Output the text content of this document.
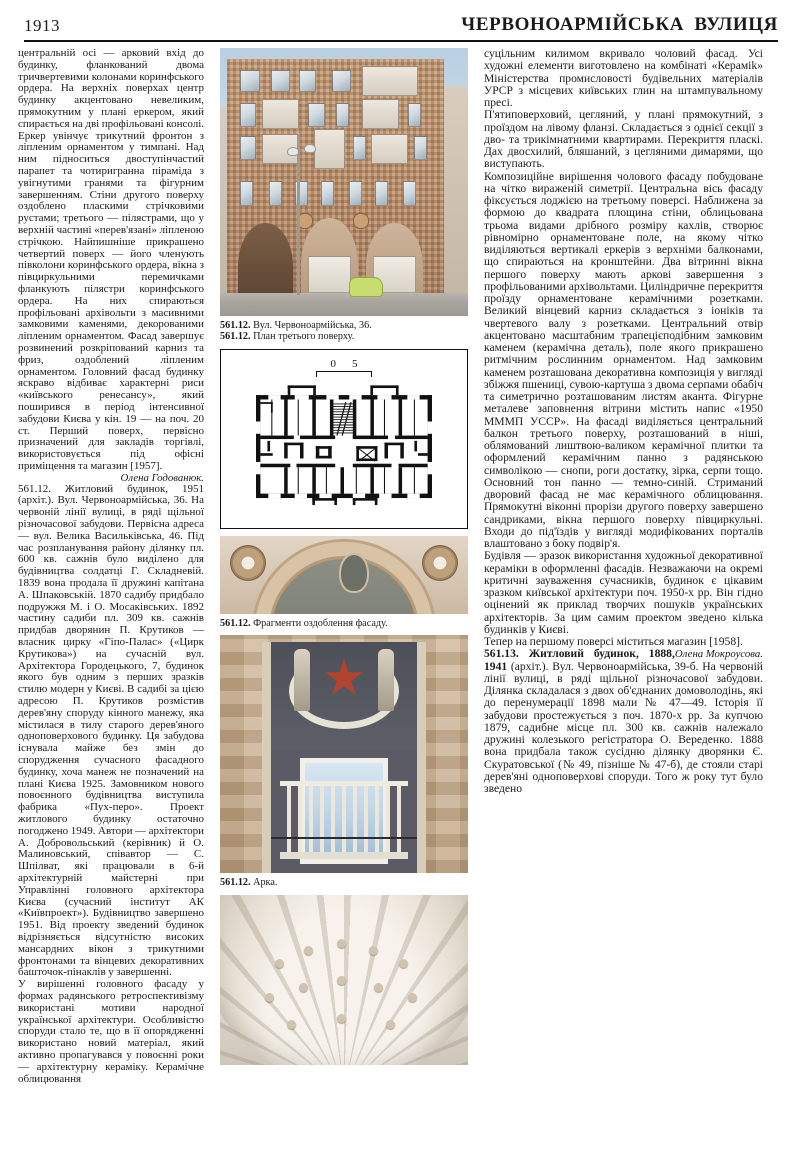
1913	ЧЕРВОНОАРМІЙСЬКА ВУЛИЦЯ

центральній осі — арковий вхід до будинку, фланкований двома тричвертевими колонами коринфського ордера. На верхніх поверхах центр будинку акцентовано невеликим, прямокутним у плані еркером, який спирається на дві профільовані консолі. Еркер увінчує трикутний фронтон з ліпленим орнаментом у тимпані. Над ним підноситься двоступінчастий парапет та чотиригранна піраміда з увігнутими гранями та фігурним завершенням. Стіни другого поверху оздоблено пласкими стрічковими рустами; третього — пілястрами, що у верхній частині «перев'язані» ліпленою стрічкою. Найпишніше прикрашено четвертий поверх — його членують півколони коринфського ордера, вікна з півциркульними перемичками фланкують пілястри коринфського ордера. На них спираються профільовані архівольти з масивними замковими каменями, декорованими ліпленим орнаментом. Фасад завершує розвинений розкріпований карниз та фриз, оздоблений ліпленим орнаментом. Головний фасад будинку яскраво відбиває характерні риси «київського ренесансу», який поширився в період інтенсивної забудови Києва у кін. 19 — на поч. 20 ст. Перший поверх, первісно призначений для закладів торгівлі, використовується під офісні приміщення та магазин [1957].

Олена Годованюк.

561.12. Житловий будинок, 1951 (архіт.). Вул. Червоноармійська, 36. На червоній лінії вулиці, в ряді щільної різночасової забудови. Первісна адреса — вул. Велика Васильківська, 46. Під час розпланування району ділянку пл. 600 кв. сажнів було виділено для будівництва солдатці Г. Складневій. 1839 вона продала її дружині капітана А. Шпаковській. 1870 садибу придбало подружжя М. і О. Мосаківських. 1892 частину садиби пл. 309 кв. сажнів придбав дворянин П. Крутиков — власник цирку «Гіпо-Палас» («Цирк Крутикова») на сучасній вул. Архітектора Городецького, 7, будинок якого був одним з перших зразків стилю модерн у Києві. В садибі за цією адресою П. Крутиков розмістив дерев'яну споруду кінного манежу, яка містилася в тилу старого дерев'яного одноповерхового будинку. Ця забудова існувала майже без змін до спорудження сучасного фасадного будинку, хоча манеж не позначений на плані Києва 1925. Замовником нового повоєнного будівництва виступила фабрика «Пух-перо». Проект житлового будинку остаточно погоджено 1949. Автори — архітектори А. Добровольський (керівник) й О. Малиновський, співавтор — С. Шпілват, які працювали в 6-й архітектурній майстерні при Управлінні головного архітектора Києва (сучасний інститут АК «Київпроект»). Будівництво завершено 1951. Від проекту зведений будинок відрізняється відсутністю високих мансардних вікон з трикутними фронтонами та вінцевих декоративних башточок-пінаклів у завершенні.

У вирішенні головного фасаду у формах радянського ретроспективізму використані мотиви народної української архітектури. Особливістю споруди стало те, що в її опорядженні використано новий матеріал, який активно пропагувався у повоєнні роки — архітектурну кераміку. Керамічне облицювання

561.12. Вул. Червоноармійська, 36.
561.12. План третього поверху.
05
561.12. Фрагменти оздоблення фасаду.
561.12. Арка.

суцільним килимом вкривало чоловий фасад. Усі художні елементи виготовлено на комбінаті «Кераміk» Міністерства промисловості будівельних матеріалів УРСР з місцевих київських глин на штампувальному пресі.

П'ятиповерховий, цегляний, у плані прямокутний, з проїздом на лівому фланзі. Складається з однієї секції з дво- та трикімнатними квартирами. Перекриття пласкі. Дах двосхилий, бляшаний, з цегляними димарями, що виступають.

Композиційне вирішення чолового фасаду побудоване на чітко вираженій симетрії. Центральна вісь фасаду фіксується лоджією на третьому поверсі. Наближена за формою до квадрата площина стіни, облицьована трьома видами дрібного розміру кахлів, створює рівномірно орнаментоване поле, на якому чітко виділяються вертикалі еркерів з верхніми балконами, що спираються на кронштейни. Два вітринні вікна першого поверху мають аркові завершення з профільованими архівольтами. Циліндричне перекриття проїзду орнаментоване керамічними розетками. Великий вінцевий карниз складається з іоніків та чвертевого валу з розетками. Центральний отвір акцентовано масштабним трапецієподібним замковим каменем (керамічна деталь), поле якого прикрашено ритмічним рослинним орнаментом. Над замковим каменем розташована декоративна композиція у вигляді збіжжя пшениці, сувою-картуша з двома серпами обабіч та симетрично розташованим листям аканта. Фігурне металеве заповнення вітрини містить напис «1950 МММП УССР». На фасаді виділяється центральний балкон третього поверху, розташований в ніші, облямований лиштвою-валиком керамічної плитки та оформлений керамічним панно з радянською символікою — снопи, роги достатку, зірка, серпи тощо. Основний тон панно — темно-синій. Стриманий дворовий фасад не має керамічного облицювання. Прямокутні віконні прорізи другого поверху завершено сандриками, вікна першого поверху півциркульні. Входи до під'їздів у вигляді модифікованих порталів влаштовано з боку подвір'я.

Будівля — зразок використання художньої декоративної кераміки в оформленні фасадів. Незважаючи на окремі критичні зауваження сучасників, будинок є цікавим зразком київської архітектури поч. 1950-х рр. Він гідно оцінений як приклад творчих пошуків українських архітекторів. За цим самим проектом зведено кілька будинків у Києві.

Тепер на першому поверсі міститься магазин [1958].
Олена Мокроусова.

561.13. Житловий будинок, 1888, 1941 (архіт.). Вул. Червоноармійська, 39-б. На червоній лінії вулиці, в ряді щільної різночасової забудови. Ділянка складалася з двох об'єднаних домоволодінь, які до перенумерації 1898 мали № 47—49. Історія її забудови простежується з поч. 1870-х рр. За купчою 1879, садибне місце пл. 300 кв. сажнів належало дружині колезького регістратора О. Вереденко. 1888 вона придбала також сусідню ділянку дворянки Є. Скуратовської (№ 49, пізніше № 47-б), де стояли старі дерев'яні одноповерхові споруди. Того ж року тут було зведено
